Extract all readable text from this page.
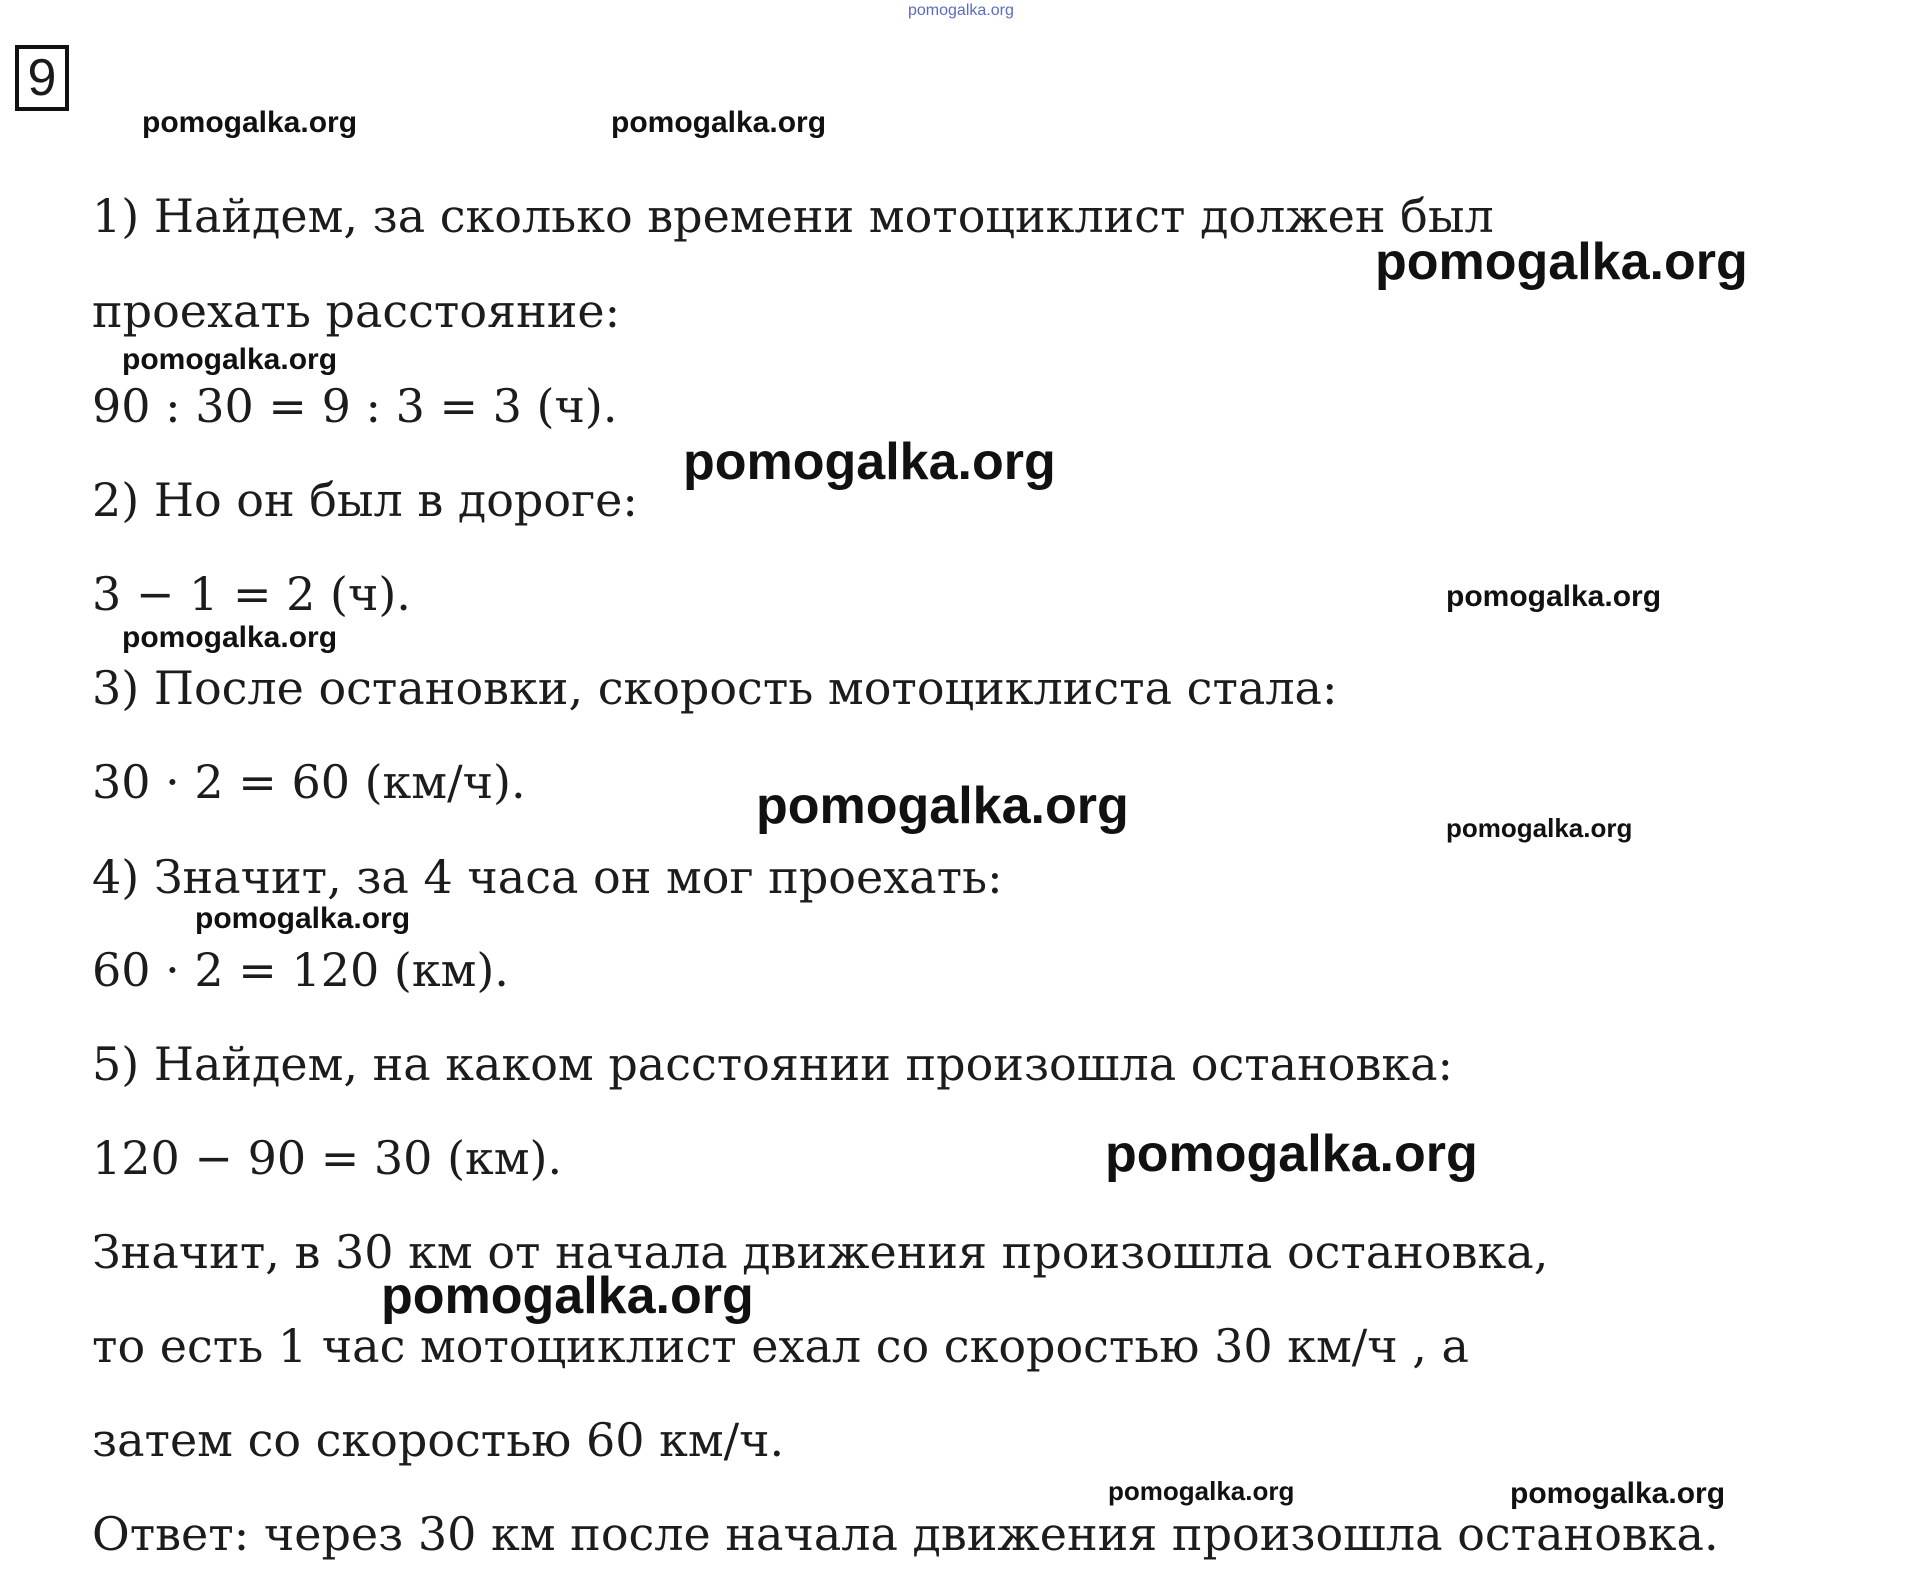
9
1) Найдем, за сколько времени мотоциклист должен был
проехать расстояние:
90 : 30 = 9 : 3 = 3 (ч).
2) Но он был в дороге:
3 − 1 = 2 (ч).
3) После остановки, скорость мотоциклиста стала:
30 · 2 = 60 (км/ч).
4) Значит, за 4 часа он мог проехать:
60 · 2 = 120 (км).
5) Найдем, на каком расстоянии произошла остановка:
120 − 90 = 30 (км).
Значит, в 30 км от начала движения произошла остановка,
то есть 1 час мотоциклист ехал со скоростью 30 км/ч , а
затем со скоростью 60 км/ч.
Ответ: через 30 км после начала движения произошла остановка.
pomogalka.org
pomogalka.org	pomogalka.org
pomogalka.org
pomogalka.org
pomogalka.org
pomogalka.org
pomogalka.org
pomogalka.org	pomogalka.org
pomogalka.org
pomogalka.org
pomogalka.org
pomogalka.org	pomogalka.org
